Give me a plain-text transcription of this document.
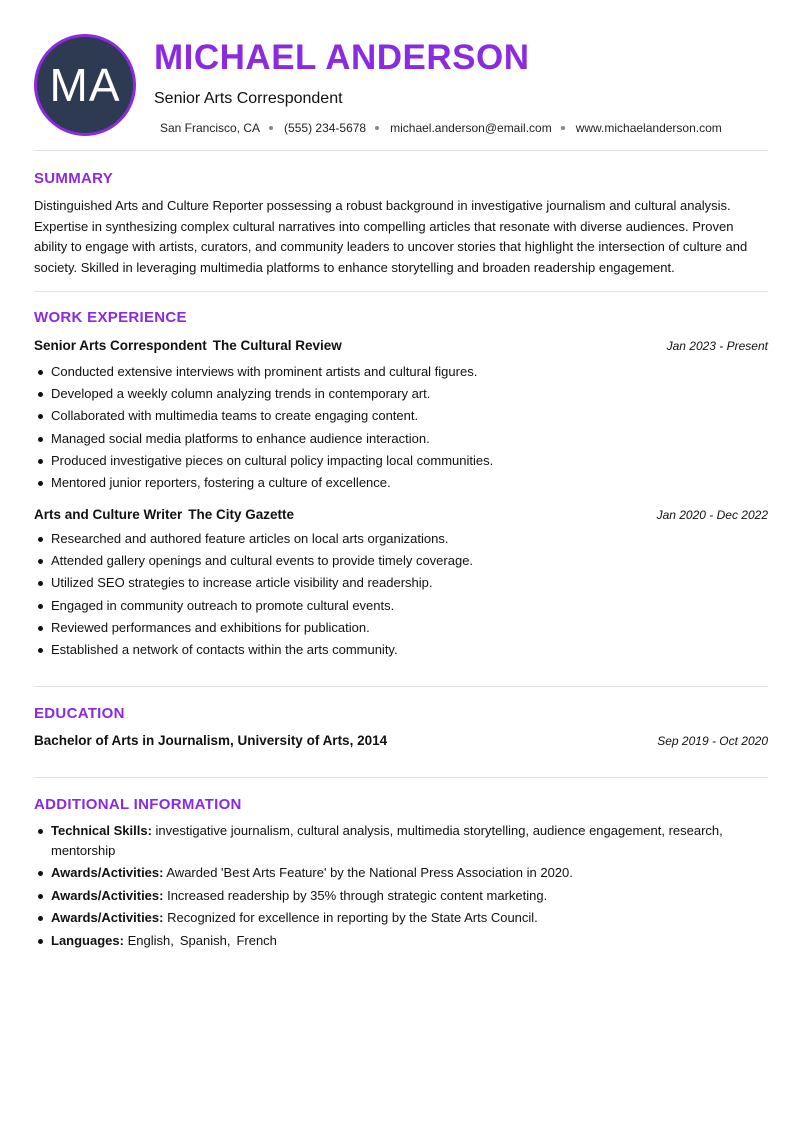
MA
MICHAEL ANDERSON
Senior Arts Correspondent
San Francisco, CA (555) 234-5678 michael.anderson@email.com www.michaelanderson.com
SUMMARY
Distinguished Arts and Culture Reporter possessing a robust background in investigative journalism and cultural analysis. Expertise in synthesizing complex cultural narratives into compelling articles that resonate with diverse audiences. Proven ability to engage with artists, curators, and community leaders to uncover stories that highlight the intersection of culture and society. Skilled in leveraging multimedia platforms to enhance storytelling and broaden readership engagement.
WORK EXPERIENCE
Senior Arts Correspondent The Cultural Review	Jan 2023 - Present
Conducted extensive interviews with prominent artists and cultural figures.
Developed a weekly column analyzing trends in contemporary art.
Collaborated with multimedia teams to create engaging content.
Managed social media platforms to enhance audience interaction.
Produced investigative pieces on cultural policy impacting local communities.
Mentored junior reporters, fostering a culture of excellence.
Arts and Culture Writer The City Gazette	Jan 2020 - Dec 2022
Researched and authored feature articles on local arts organizations.
Attended gallery openings and cultural events to provide timely coverage.
Utilized SEO strategies to increase article visibility and readership.
Engaged in community outreach to promote cultural events.
Reviewed performances and exhibitions for publication.
Established a network of contacts within the arts community.
EDUCATION
Bachelor of Arts in Journalism, University of Arts, 2014	Sep 2019 - Oct 2020
ADDITIONAL INFORMATION
Technical Skills: investigative journalism, cultural analysis, multimedia storytelling, audience engagement, research, mentorship
Awards/Activities: Awarded 'Best Arts Feature' by the National Press Association in 2020.
Awards/Activities: Increased readership by 35% through strategic content marketing.
Awards/Activities: Recognized for excellence in reporting by the State Arts Council.
Languages: English, Spanish, French
